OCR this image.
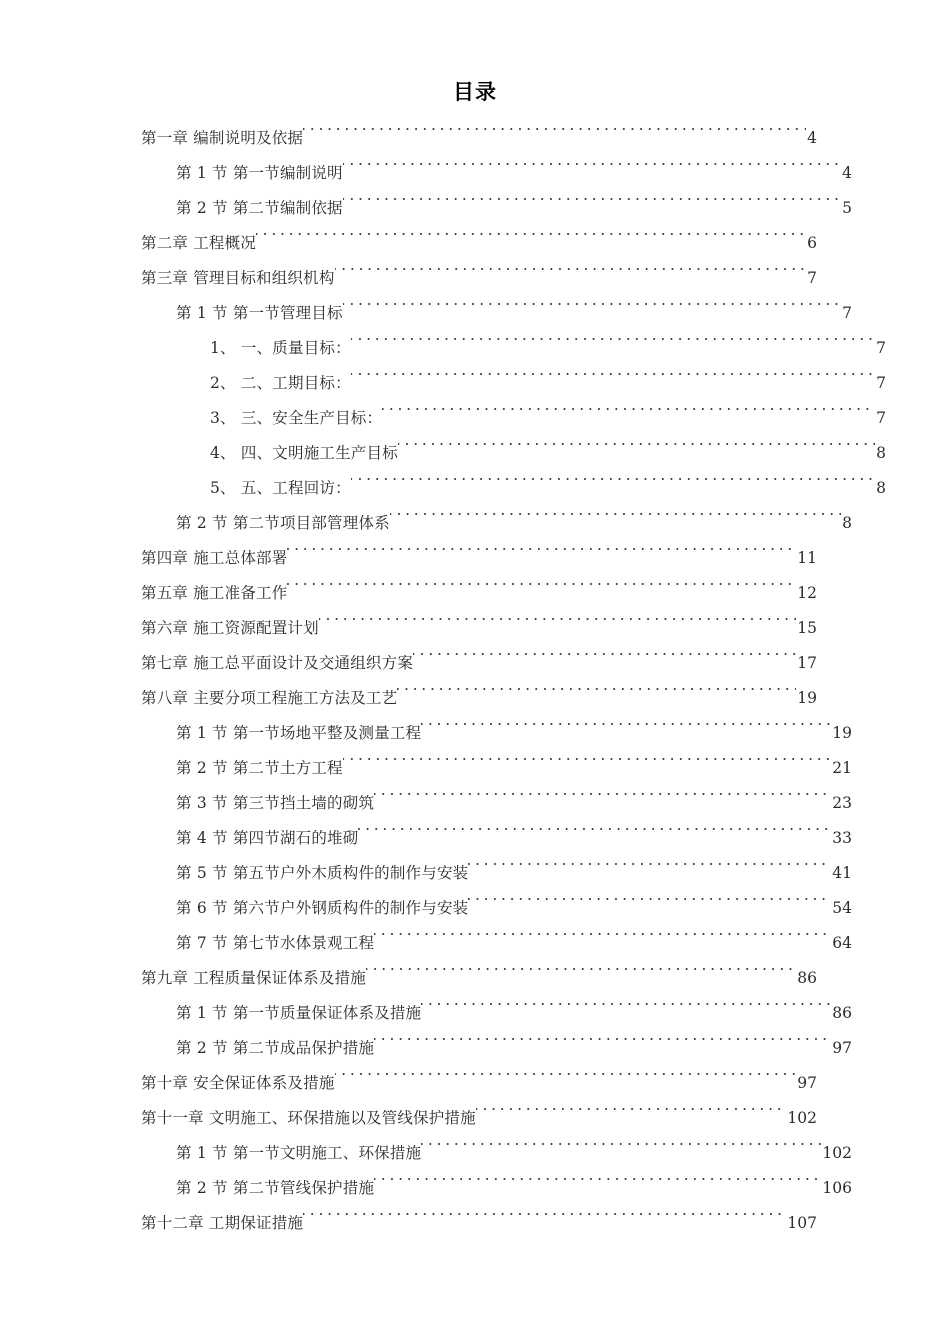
目录
第一章 编制说明及依据 . . .	4
第 1 节 第一节编制说明 . . .	4
第 2 节 第二节编制依据 . . .	5
第二章 工程概况 . . .	6
第三章 管理目标和组织机构 . . .	7
第 1 节 第一节管理目标 . . .	7
1、 一、质量目标： . . .	7
2、 二、工期目标： . . .	7
3、 三、安全生产目标： . . .	7
4、 四、文明施工生产目标 . . .	8
5、 五、工程回访： . . .	8
第 2 节 第二节项目部管理体系 . . .	8
第四章 施工总体部署 . . .	11
第五章 施工准备工作 . . .	12
第六章 施工资源配置计划 . . .	15
第七章 施工总平面设计及交通组织方案 . . .	17
第八章 主要分项工程施工方法及工艺 . . .	19
第 1 节 第一节场地平整及测量工程 . . .	19
第 2 节 第二节土方工程 . . .	21
第 3 节 第三节挡土墙的砌筑 . . .	23
第 4 节 第四节湖石的堆砌 . . .	33
第 5 节 第五节户外木质构件的制作与安装 . . .	41
第 6 节 第六节户外钢质构件的制作与安装 . . .	54
第 7 节 第七节水体景观工程 . . .	64
第九章 工程质量保证体系及措施 . . .	86
第 1 节 第一节质量保证体系及措施 . . .	86
第 2 节 第二节成品保护措施 . . .	97
第十章 安全保证体系及措施 . . .	97
第十一章 文明施工、环保措施以及管线保护措施 . . .	102
第 1 节 第一节文明施工、环保措施 . . .	102
第 2 节 第二节管线保护措施 . . .	106
第十二章 工期保证措施 . . .	107
